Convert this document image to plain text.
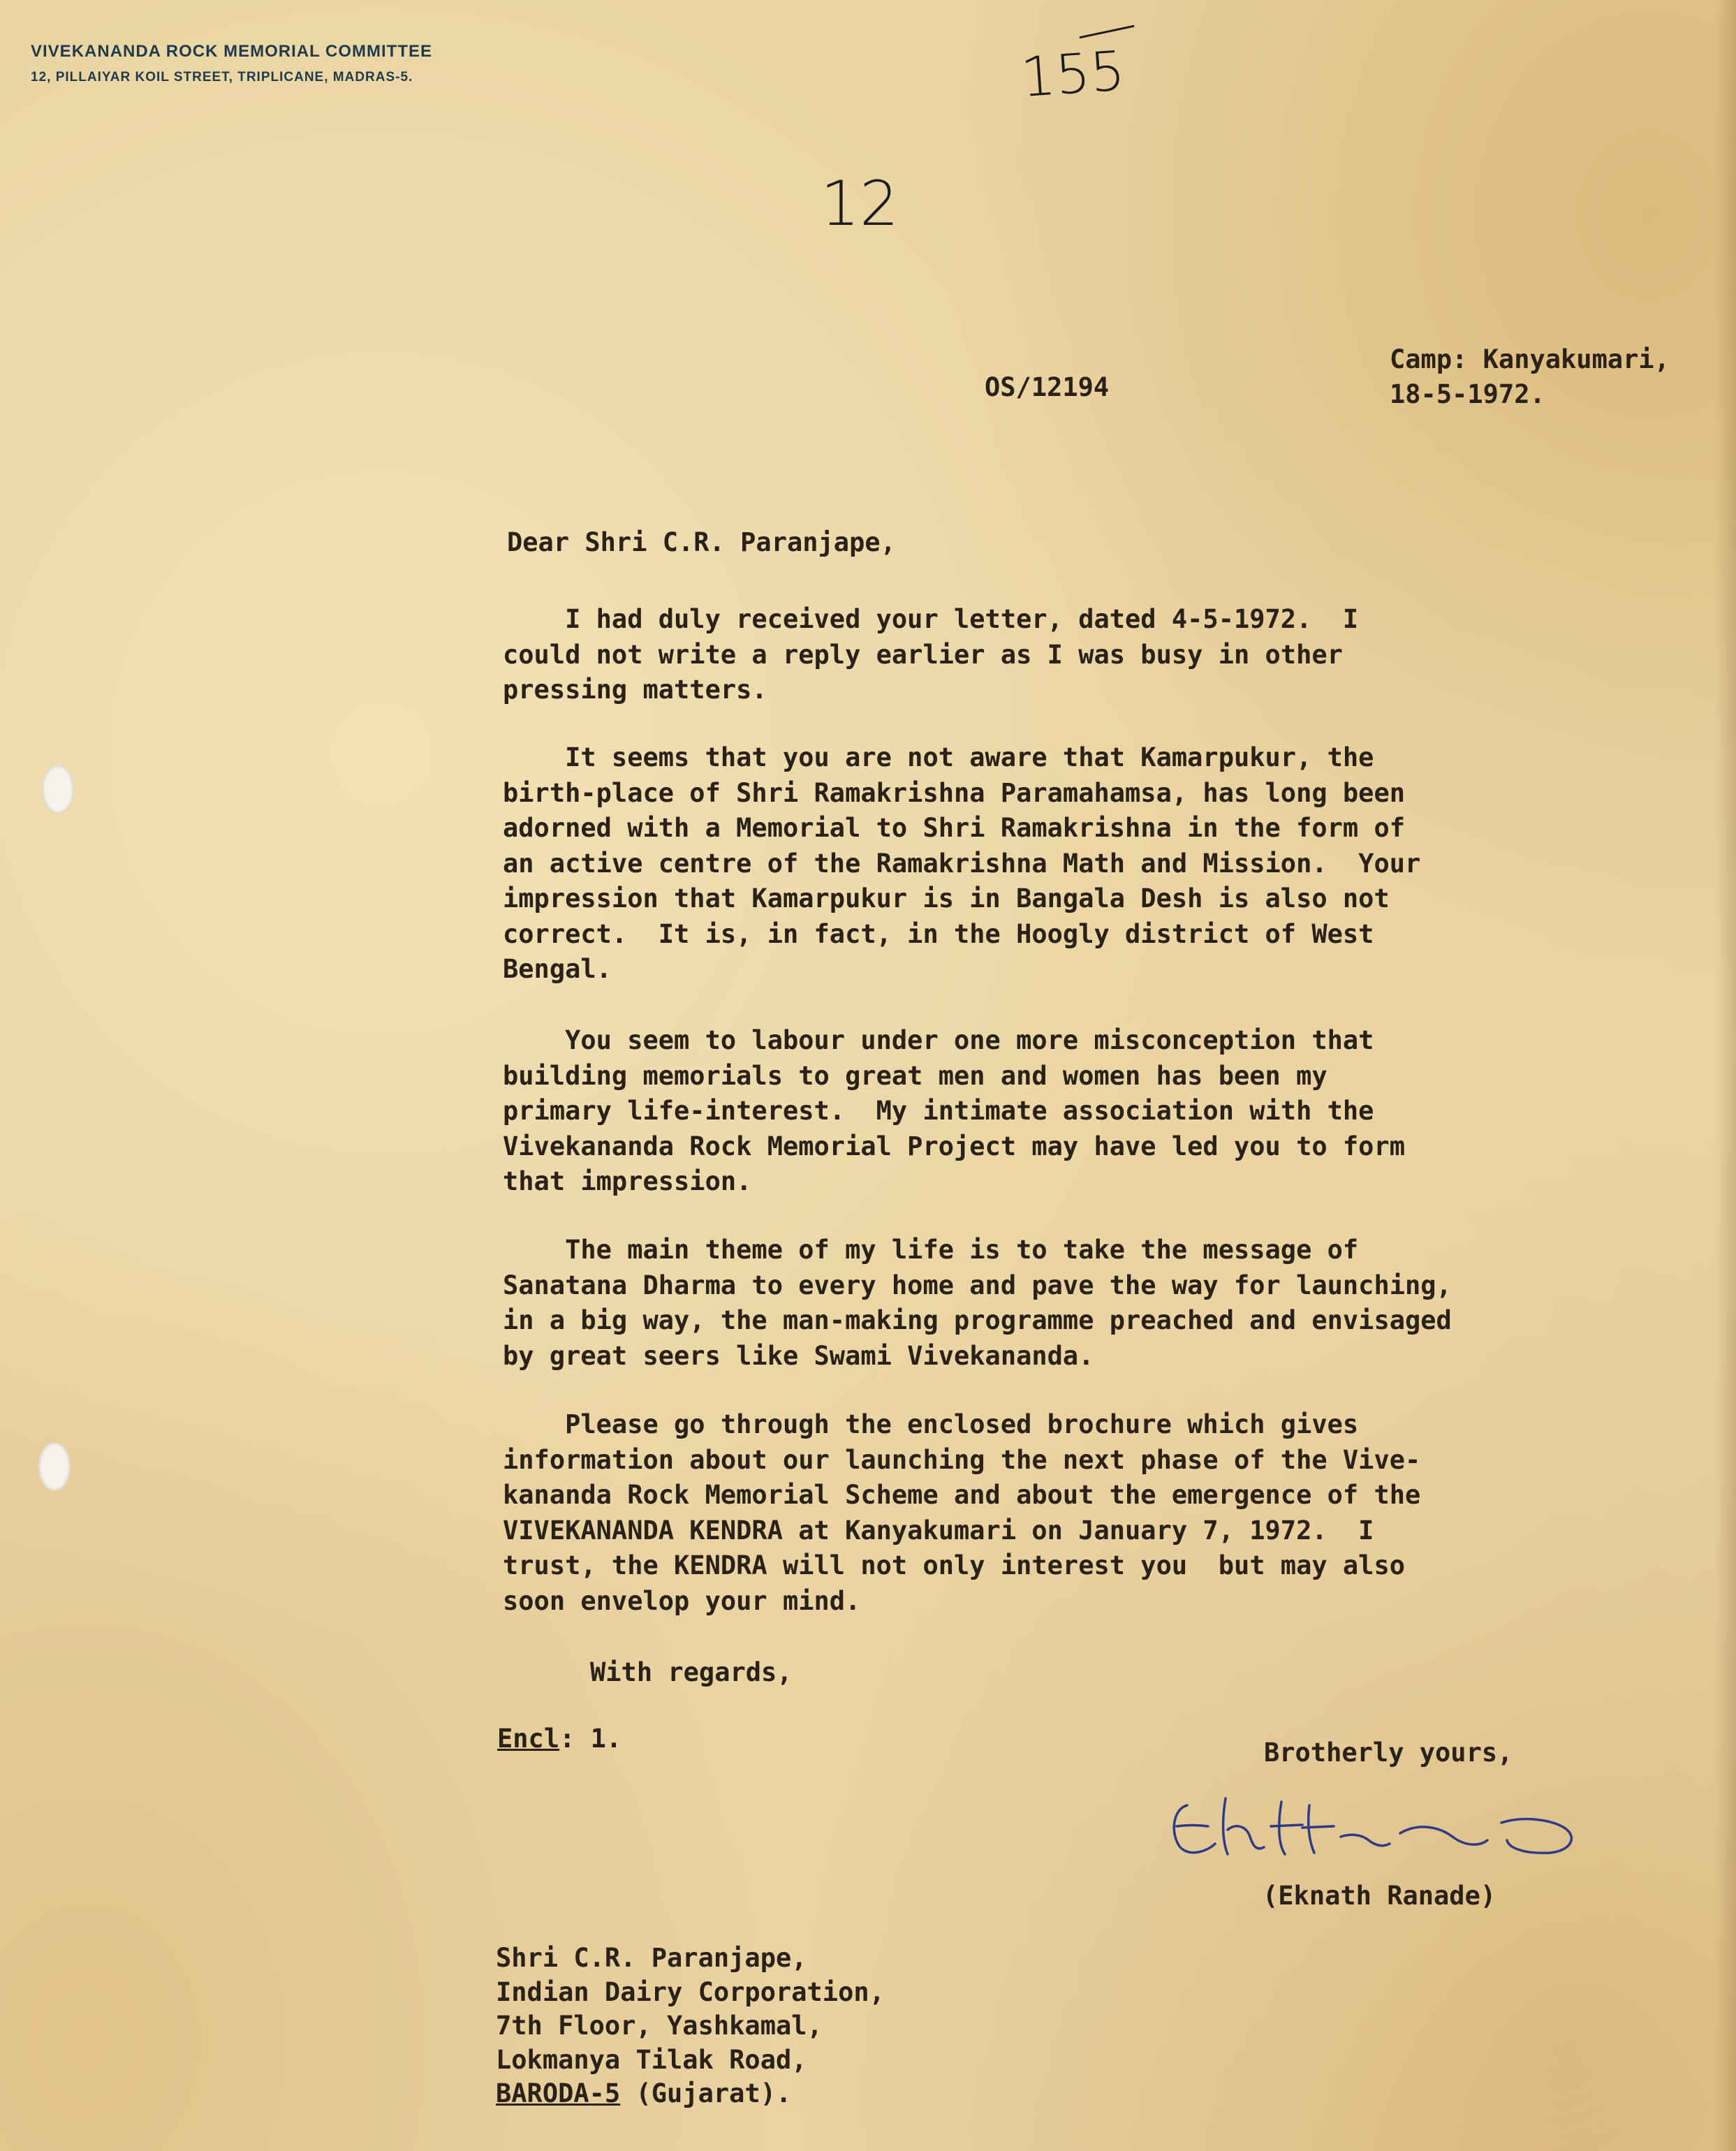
VIVEKANANDA ROCK MEMORIAL COMMITTEE
12, PILLAIYAR KOIL STREET, TRIPLICANE, MADRAS-5.	155
12
OS/12194
Camp: Kanyakumari,
18-5-1972.
Dear Shri C.R. Paranjape,
I had duly received your letter, dated 4-5-1972.  I
could not write a reply earlier as I was busy in other
pressing matters.
It seems that you are not aware that Kamarpukur, the
birth-place of Shri Ramakrishna Paramahamsa, has long been
adorned with a Memorial to Shri Ramakrishna in the form of
an active centre of the Ramakrishna Math and Mission.  Your
impression that Kamarpukur is in Bangala Desh is also not
correct.  It is, in fact, in the Hoogly district of West
Bengal.
You seem to labour under one more misconception that
building memorials to great men and women has been my
primary life-interest.  My intimate association with the
Vivekananda Rock Memorial Project may have led you to form
that impression.
The main theme of my life is to take the message of
Sanatana Dharma to every home and pave the way for launching,
in a big way, the man-making programme preached and envisaged
by great seers like Swami Vivekananda.
Please go through the enclosed brochure which gives
information about our launching the next phase of the Vive-
kananda Rock Memorial Scheme and about the emergence of the
VIVEKANANDA KENDRA at Kanyakumari on January 7, 1972.  I
trust, the KENDRA will not only interest you  but may also
soon envelop your mind.
With regards,
Encl: 1.	Brotherly yours,
(Eknath Ranade)
Shri C.R. Paranjape,
Indian Dairy Corporation,
7th Floor, Yashkamal,
Lokmanya Tilak Road,
BARODA-5 (Gujarat).
